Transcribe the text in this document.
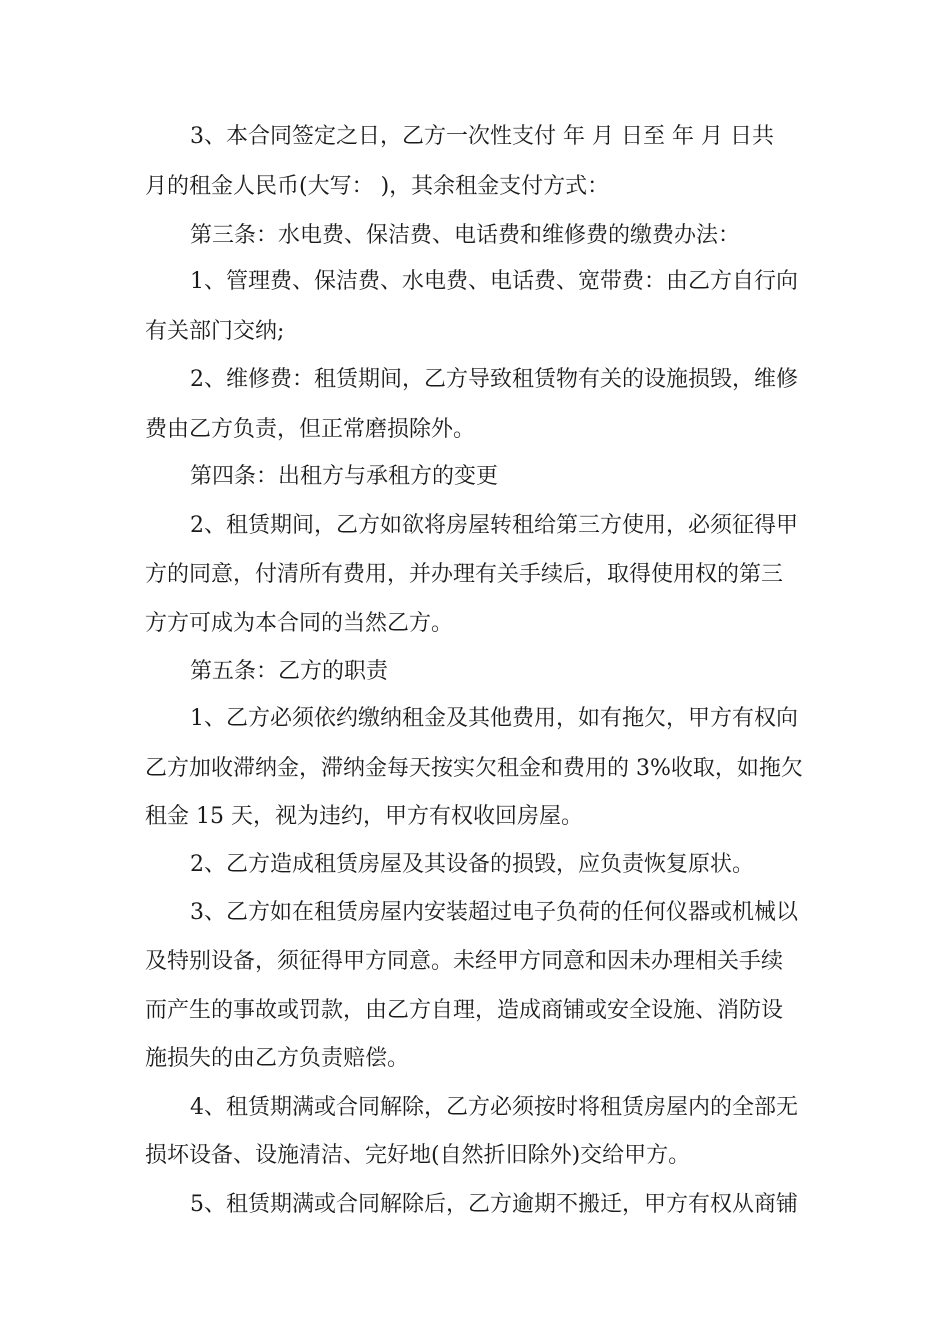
3、本合同签定之日，乙方一次性支付 年 月 日至 年 月 日共
月的租金人民币(大写： )，其余租金支付方式：
第三条：水电费、保洁费、电话费和维修费的缴费办法：
1、管理费、保洁费、水电费、电话费、宽带费：由乙方自行向
有关部门交纳;
2、维修费：租赁期间，乙方导致租赁物有关的设施损毁，维修
费由乙方负责，但正常磨损除外。
第四条：出租方与承租方的变更
2、租赁期间，乙方如欲将房屋转租给第三方使用，必须征得甲
方的同意，付清所有费用，并办理有关手续后，取得使用权的第三
方方可成为本合同的当然乙方。
第五条：乙方的职责
1、乙方必须依约缴纳租金及其他费用，如有拖欠，甲方有权向
乙方加收滞纳金，滞纳金每天按实欠租金和费用的 3%收取，如拖欠
租金 15 天，视为违约，甲方有权收回房屋。
2、乙方造成租赁房屋及其设备的损毁，应负责恢复原状。
3、乙方如在租赁房屋内安装超过电子负荷的任何仪器或机械以
及特别设备，须征得甲方同意。未经甲方同意和因未办理相关手续
而产生的事故或罚款，由乙方自理，造成商铺或安全设施、消防设
施损失的由乙方负责赔偿。
4、租赁期满或合同解除，乙方必须按时将租赁房屋内的全部无
损坏设备、设施清洁、完好地(自然折旧除外)交给甲方。
5、租赁期满或合同解除后，乙方逾期不搬迁，甲方有权从商铺
